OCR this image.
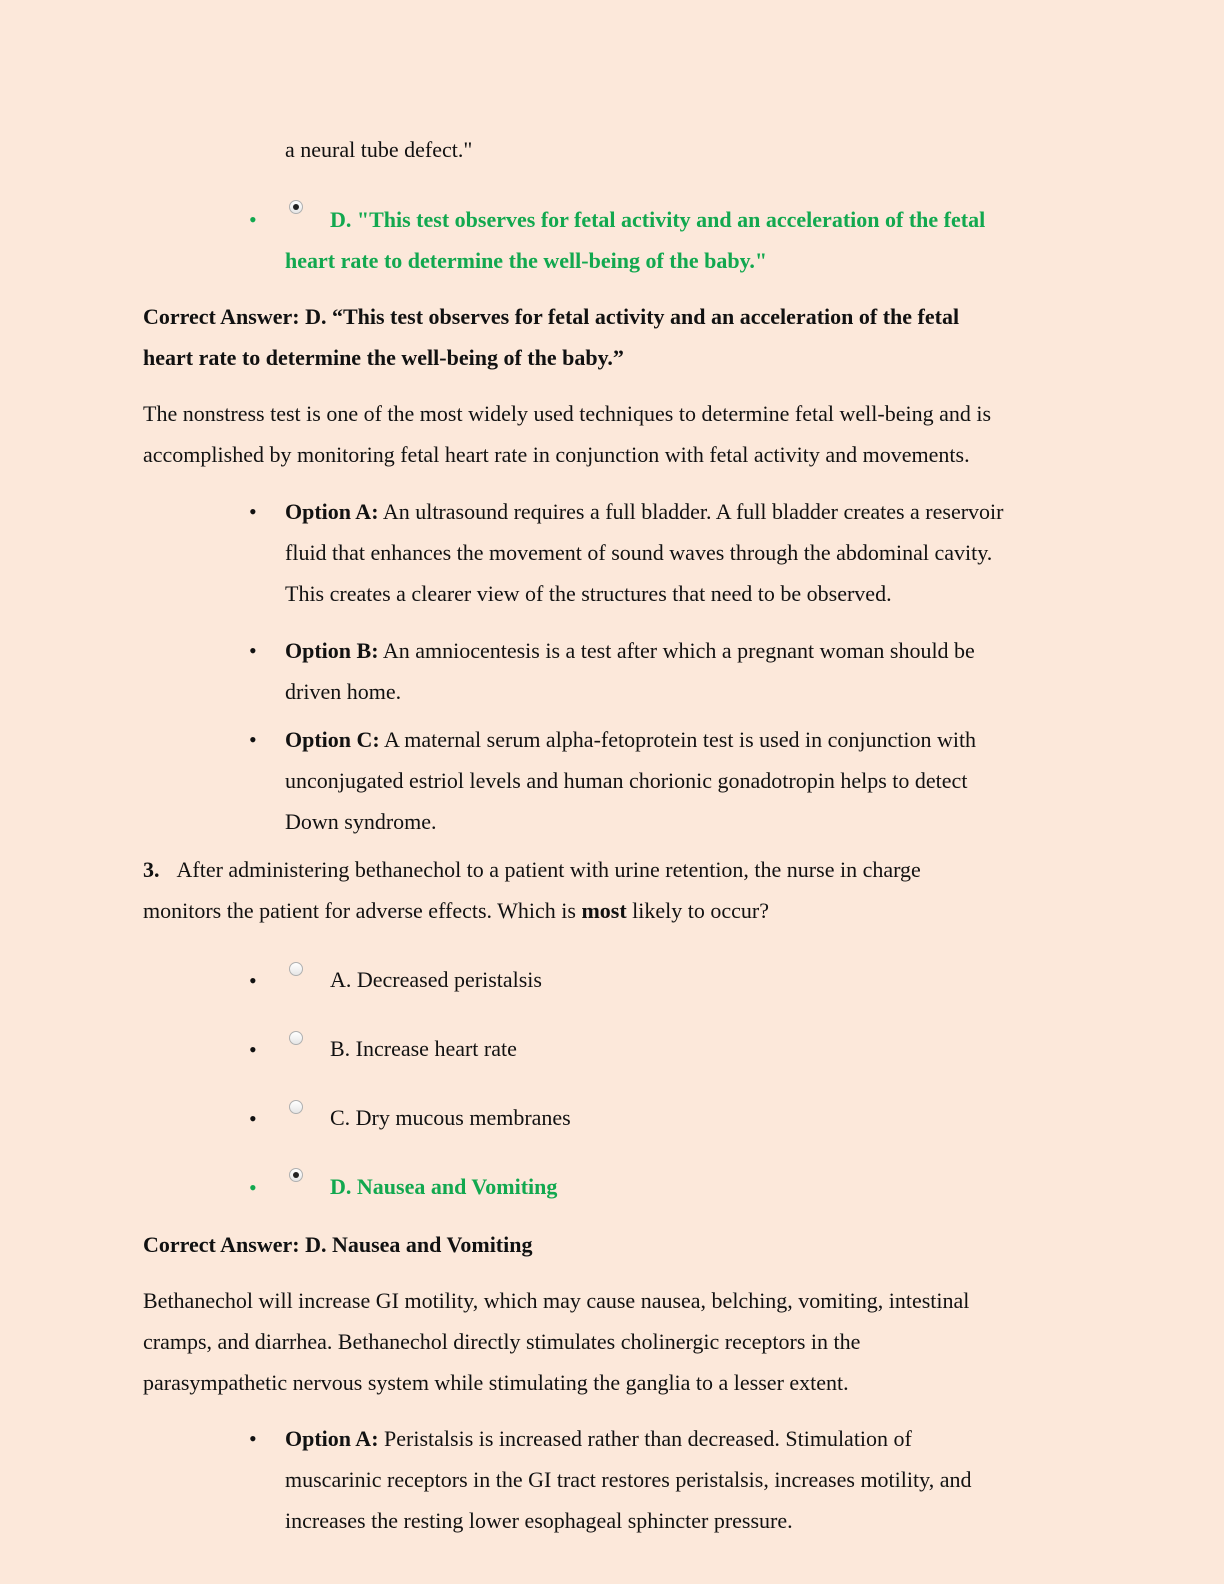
a neural tube defect."
•	D. "This test observes for fetal activity and an acceleration of the fetal
heart rate to determine the well-being of the baby."
Correct Answer: D. “This test observes for fetal activity and an acceleration of the fetal
heart rate to determine the well-being of the baby.”
The nonstress test is one of the most widely used techniques to determine fetal well-being and is
accomplished by monitoring fetal heart rate in conjunction with fetal activity and movements.
• Option A: An ultrasound requires a full bladder. A full bladder creates a reservoir
fluid that enhances the movement of sound waves through the abdominal cavity.
This creates a clearer view of the structures that need to be observed.
• Option B: An amniocentesis is a test after which a pregnant woman should be
driven home.
• Option C: A maternal serum alpha-fetoprotein test is used in conjunction with
unconjugated estriol levels and human chorionic gonadotropin helps to detect
Down syndrome.
3. After administering bethanechol to a patient with urine retention, the nurse in charge
monitors the patient for adverse effects. Which is most likely to occur?
•	A. Decreased peristalsis
•	B. Increase heart rate
•	C. Dry mucous membranes
•	D. Nausea and Vomiting
Correct Answer: D. Nausea and Vomiting
Bethanechol will increase GI motility, which may cause nausea, belching, vomiting, intestinal
cramps, and diarrhea. Bethanechol directly stimulates cholinergic receptors in the
parasympathetic nervous system while stimulating the ganglia to a lesser extent.
• Option A: Peristalsis is increased rather than decreased. Stimulation of
muscarinic receptors in the GI tract restores peristalsis, increases motility, and
increases the resting lower esophageal sphincter pressure.
